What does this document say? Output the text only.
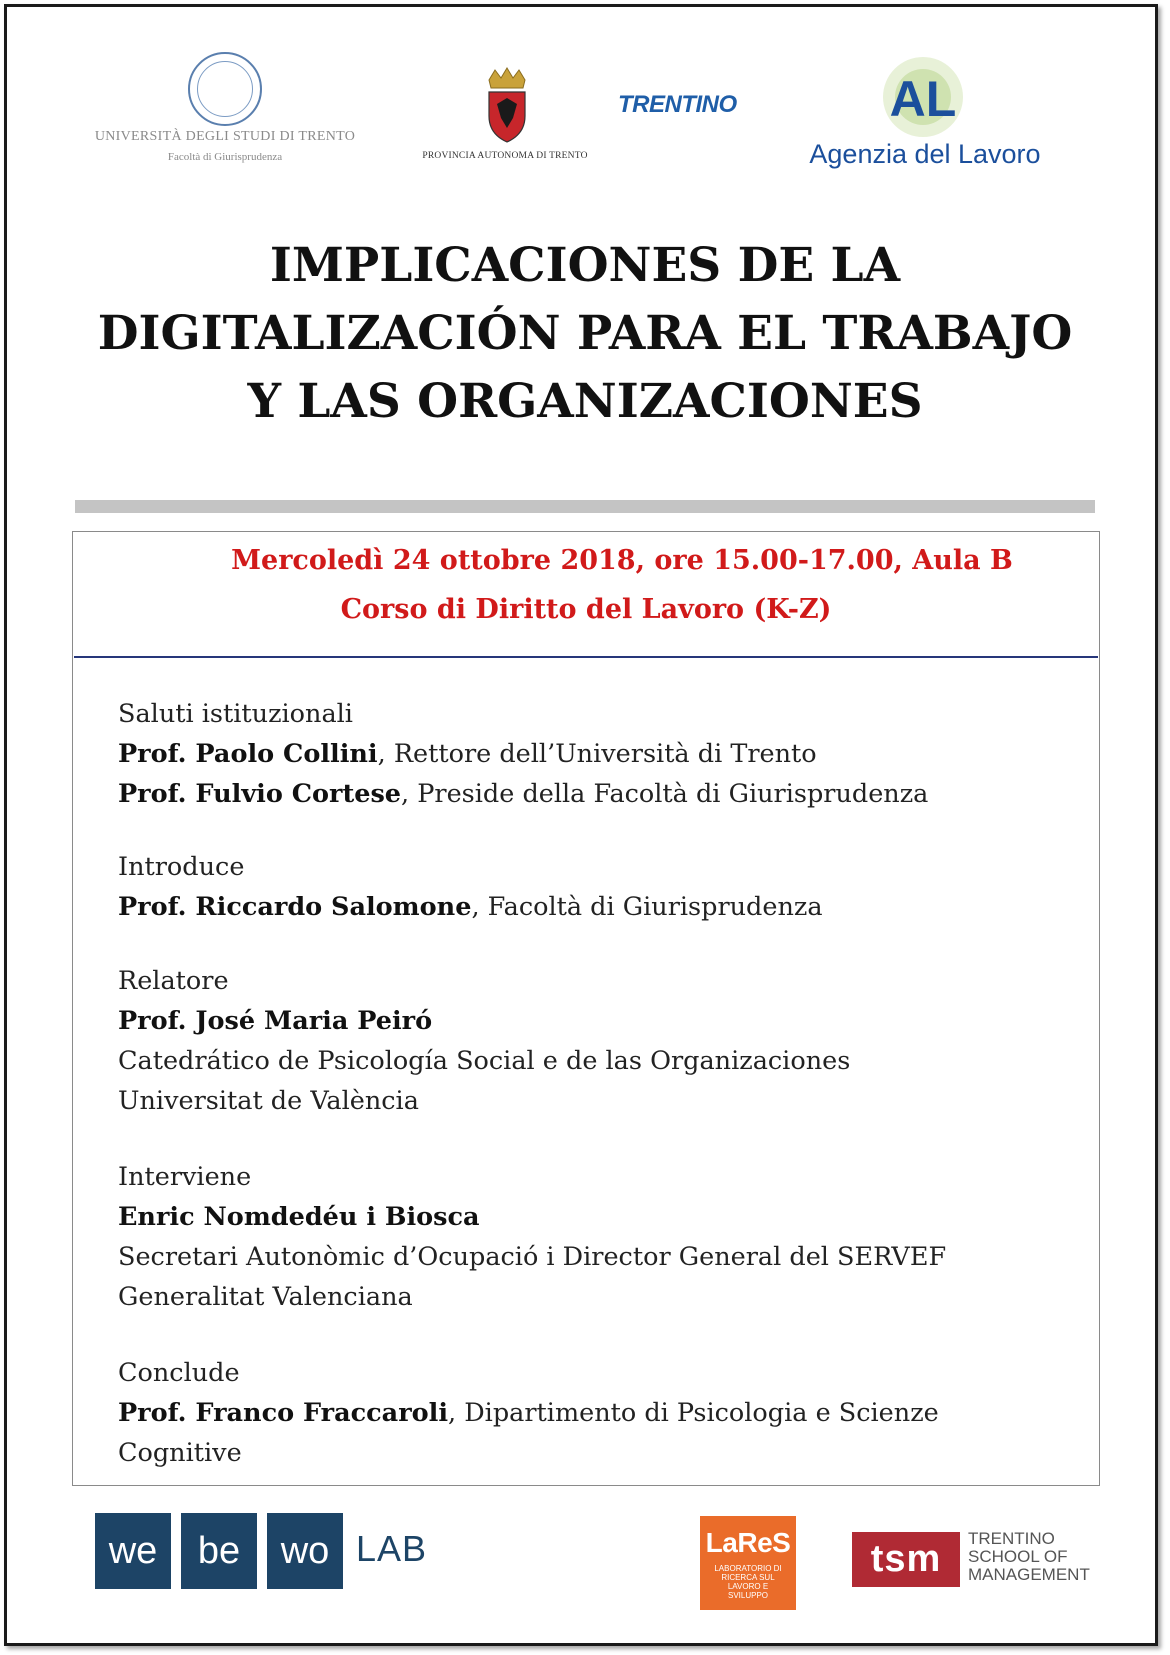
UNIVERSITÀ DEGLI STUDI DI TRENTO
Facoltà di Giurisprudenza	PROVINCIA AUTONOMA DI TRENTO
TRENTINO	AL
Agenzia del Lavoro
IMPLICACIONES DE LA
DIGITALIZACIÓN PARA EL TRABAJO
Y LAS ORGANIZACIONES
Mercoledì 24 ottobre 2018, ore 15.00-17.00, Aula B
Corso di Diritto del Lavoro (K-Z)
Saluti istituzionali
Prof. Paolo Collini, Rettore dell’Università di Trento
Prof. Fulvio Cortese, Preside della Facoltà di Giurisprudenza
Introduce
Prof. Riccardo Salomone, Facoltà di Giurisprudenza
Relatore
Prof. José Maria Peiró
Catedrático de Psicología Social e de las Organizaciones
Universitat de València
Interviene
Enric Nomdedéu i Biosca
Secretari Autonòmic d’Ocupació i Director General del SERVEF
Generalitat Valenciana
Conclude
Prof. Franco Fraccaroli, Dipartimento di Psicologia e Scienze
Cognitive
we	be	wo LAB	LaReS
LABORATORIO DI RICERCA SUL LAVORO E SVILUPPO
tsm	TRENTINO
SCHOOL OF
MANAGEMENT
